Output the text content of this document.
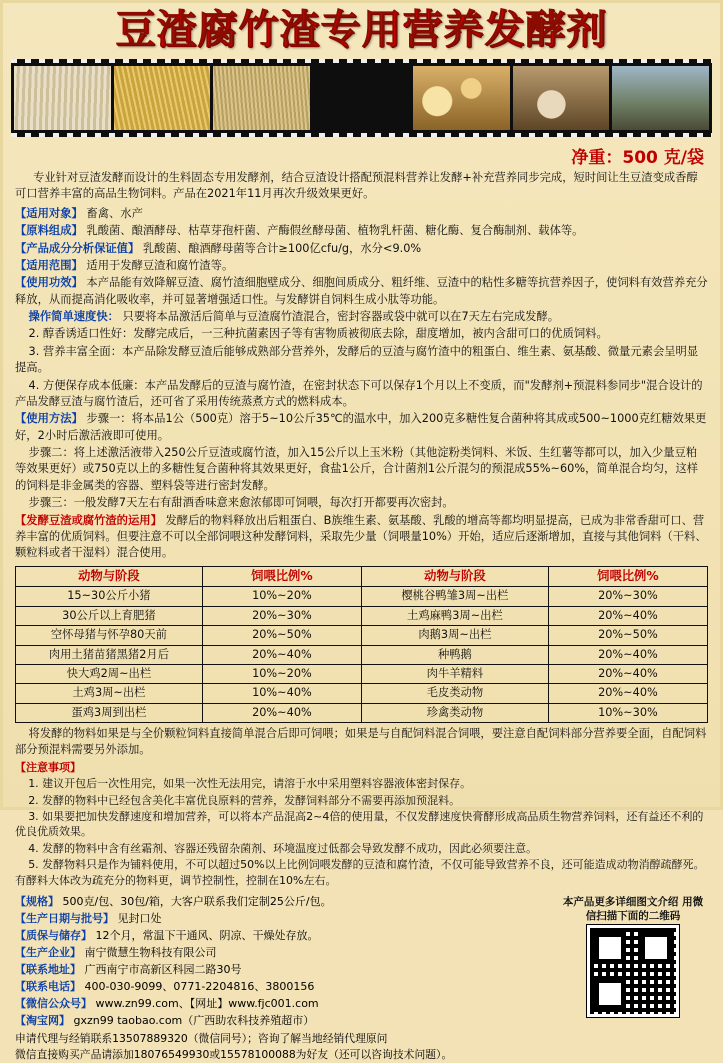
豆渣腐竹渣专用营养发酵剂
净重：500 克/袋

专业针对豆渣发酵而设计的生料固态专用发酵剂，结合豆渣设计搭配预混料营养让发酵+补充营养同步完成，短时间让生豆渣变成香醇可口营养丰富的高品生物饲料。产品在2021年11月再次升级效果更好。

【适用对象】 畜禽、水产
【原料组成】 乳酸菌、酿酒酵母、枯草芽孢杆菌、产酶假丝酵母菌、植物乳杆菌、糖化酶、复合酶制剂、载体等。
【产品成分分析保证值】 乳酸菌、酿酒酵母菌等合计≥100亿cfu/g，水分<9.0%
【适用范围】 适用于发酵豆渣和腐竹渣等。
【使用功效】 本产品能有效降解豆渣、腐竹渣细胞壁成分、细胞间质成分、粗纤维、豆渣中的粘性多糖等抗营养因子，使饲料有效营养充分释放，从而提高消化吸收率，并可显著增强适口性。与发酵饼自饲料生成小肽等功能。
操作简单速度快： 只要将本品激活后简单与豆渣腐竹渣混合，密封容器或袋中就可以在7天左右完成发酵。
2. 醇香诱适口性好：发酵完成后，一三种抗菌素因子等有害物质被彻底去除，甜度增加，被内含甜可口的优质饲料。
3. 营养丰富全面：本产品除发酵豆渣后能够成熟部分营养外，发酵后的豆渣与腐竹渣中的粗蛋白、维生素、氨基酸、微量元素会呈明显提高。
4. 方便保存成本低廉：本产品发酵后的豆渣与腐竹渣，在密封状态下可以保存1个月以上不变质，而"发酵剂+预混料参同步"混合设计的产品发酵豆渣与腐竹渣后，还可省了采用传统蒸煮方式的燃料成本。
【使用方法】 步骤一：将本品1公（500克）溶于5~10公斤35℃的温水中，加入200克多糖性复合菌种将其成或500~1000克红糖效果更好，2小时后激活液即可使用。
步骤二：将上述激活液带入250公斤豆渣或腐竹渣，加入15公斤以上玉米粉（其他淀粉类饲料、米饭、生红薯等都可以，加入少量豆粕等效果更好）或750克以上的多糖性复合菌种将其效果更好，食盐1公斤，合计菌剂1公斤混匀的预混成55%~60%，简单混合均匀，这样的饲料是非金属类的容器、塑料袋等进行密封发酵。
步骤三：一般发酵7天左右有甜酒香味意来愈浓郁即可饲喂，每次打开都要再次密封。
【发酵豆渣或腐竹渣的运用】 发酵后的物料释放出后粗蛋白、B族维生素、氨基酸、乳酸的增高等都均明显提高，已成为非常香甜可口、营养丰富的优质饲料。但要注意不可以全部饲喂这种发酵饲料，采取先少量（饲喂量10%）开始，适应后逐渐增加，直接与其他饲料（干料、颗粒料或者干湿料）混合使用。
动物与阶段	饲喂比例%	动物与阶段	饲喂比例%
15~30公斤小猪	10%~20%	樱桃谷鸭雏3周~出栏	20%~30%
30公斤以上育肥猪	20%~30%	土鸡麻鸭3周~出栏	20%~40%
空怀母猪与怀孕80天前	20%~50%	肉鹅3周~出栏	20%~50%
肉用土猪苗猪黑猪2月后	20%~40%	种鸭鹅	20%~40%
快大鸡2周~出栏	10%~20%	肉牛羊精料	20%~40%
土鸡3周~出栏	10%~40%	毛皮类动物	20%~40%
蛋鸡3周到出栏	20%~40%	珍禽类动物	10%~30%
将发酵的物料如果是与全价颗粒饲料直接简单混合后即可饲喂；如果是与自配饲料混合饲喂，要注意自配饲料部分营养要全面，自配饲料部分预混料需要另外添加。
【注意事项】
1. 建议开包后一次性用完，如果一次性无法用完，请溶于水中采用塑料容器液体密封保存。
2. 发酵的物料中已经包含美化丰富优良原料的营养，发酵饲料部分不需要再添加预混料。
3. 如果要把加快发酵速度和增加营养，可以将本产品混高2~4倍的使用量，不仅发酵速度快膏酵形成高品质生物营养饲料，还有益还不利的优良优质效果。
4. 发酵的物料中含有丝霜剂、容器还残留杂菌剂、环境温度过低都会导致发酵不成功，因此必须要注意。
5. 发酵物料只是作为铺料使用，不可以超过50%以上比例饲喂发酵的豆渣和腐竹渣，不仅可能导致营养不良，还可能造成动物消醇疏酵死。有酵料大体改为疏充分的物料更，调节控制性，控制在10%左右。
【规格】 500克/包、30包/箱，大客户联系我们定制25公斤/包。
【生产日期与批号】 见封口处
【质保与储存】 12个月，常温下干通风、阴凉、干燥处存放。
【生产企业】 南宁微慧生物科技有限公司
【联系地址】 广西南宁市高新区科园二路30号
【联系电话】 400-030-9099、0771-2204816、3800156
【微信公众号】 www.zn99.com、【网址】www.fjc001.com
【淘宝网】 gxzn99 taobao.com（广西助农科技养殖超市）
本产品更多详细图文介绍 用微信扫描下面的二维码
申请代理与经销联系13507889320（微信同号）；咨询了解当地经销代理原问
微信直接购买产品请添加18076549930或15578100088为好友（还可以咨询技术问题）。
